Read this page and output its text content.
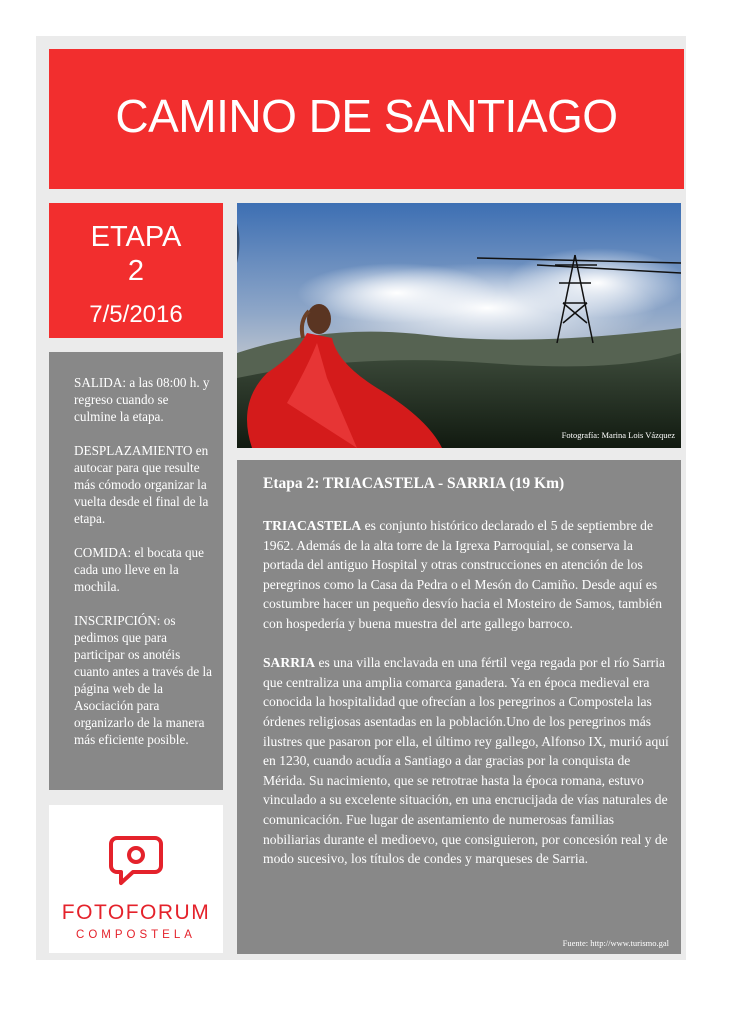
CAMINO DE SANTIAGO
ETAPA
2
7/5/2016

SALIDA: a las 08:00 h. y regreso cuando se culmine la etapa.

DESPLAZAMIENTO en autocar para que resulte más cómodo organizar la vuelta desde el final de la etapa.

COMIDA: el bocata que cada uno lleve en la mochila.

INSCRIPCIÓN: os pedimos que para participar os anotéis cuanto antes a través de la página web de la Asociación para organizarlo de la manera más eficiente posible.

FOTOFORUM
COMPOSTELA
Fotografía: Marina Lois Vázquez
Etapa 2: TRIACASTELA - SARRIA (19 Km)

TRIACASTELA es conjunto histórico declarado el 5 de septiembre de 1962. Además de la alta torre de la Igrexa Parroquial, se conserva la portada del antiguo Hospital y otras construcciones en atención de los peregrinos como la Casa da Pedra o el Mesón do Camiño. Desde aquí es costumbre hacer un pequeño desvío hacia el Mosteiro de Samos, también con hospedería y buena muestra del arte gallego barroco.

SARRIA es una villa enclavada en una fértil vega regada por el río Sarria que centraliza una amplia comarca ganadera. Ya en época medieval era conocida la hospitalidad que ofrecían a los peregrinos a Compostela las órdenes religiosas asentadas en la población.Uno de los peregrinos más ilustres que pasaron por ella, el último rey gallego, Alfonso IX, murió aquí en 1230, cuando acudía a Santiago a dar gracias por la conquista de Mérida. Su nacimiento, que se retrotrae hasta la época romana, estuvo vinculado a su excelente situación, en una encrucijada de vías naturales de comunicación. Fue lugar de asentamiento de numerosas familias nobiliarias durante el medioevo, que consiguieron, por concesión real y de modo sucesivo, los títulos de condes y marqueses de Sarria.

Fuente: http://www.turismo.gal
